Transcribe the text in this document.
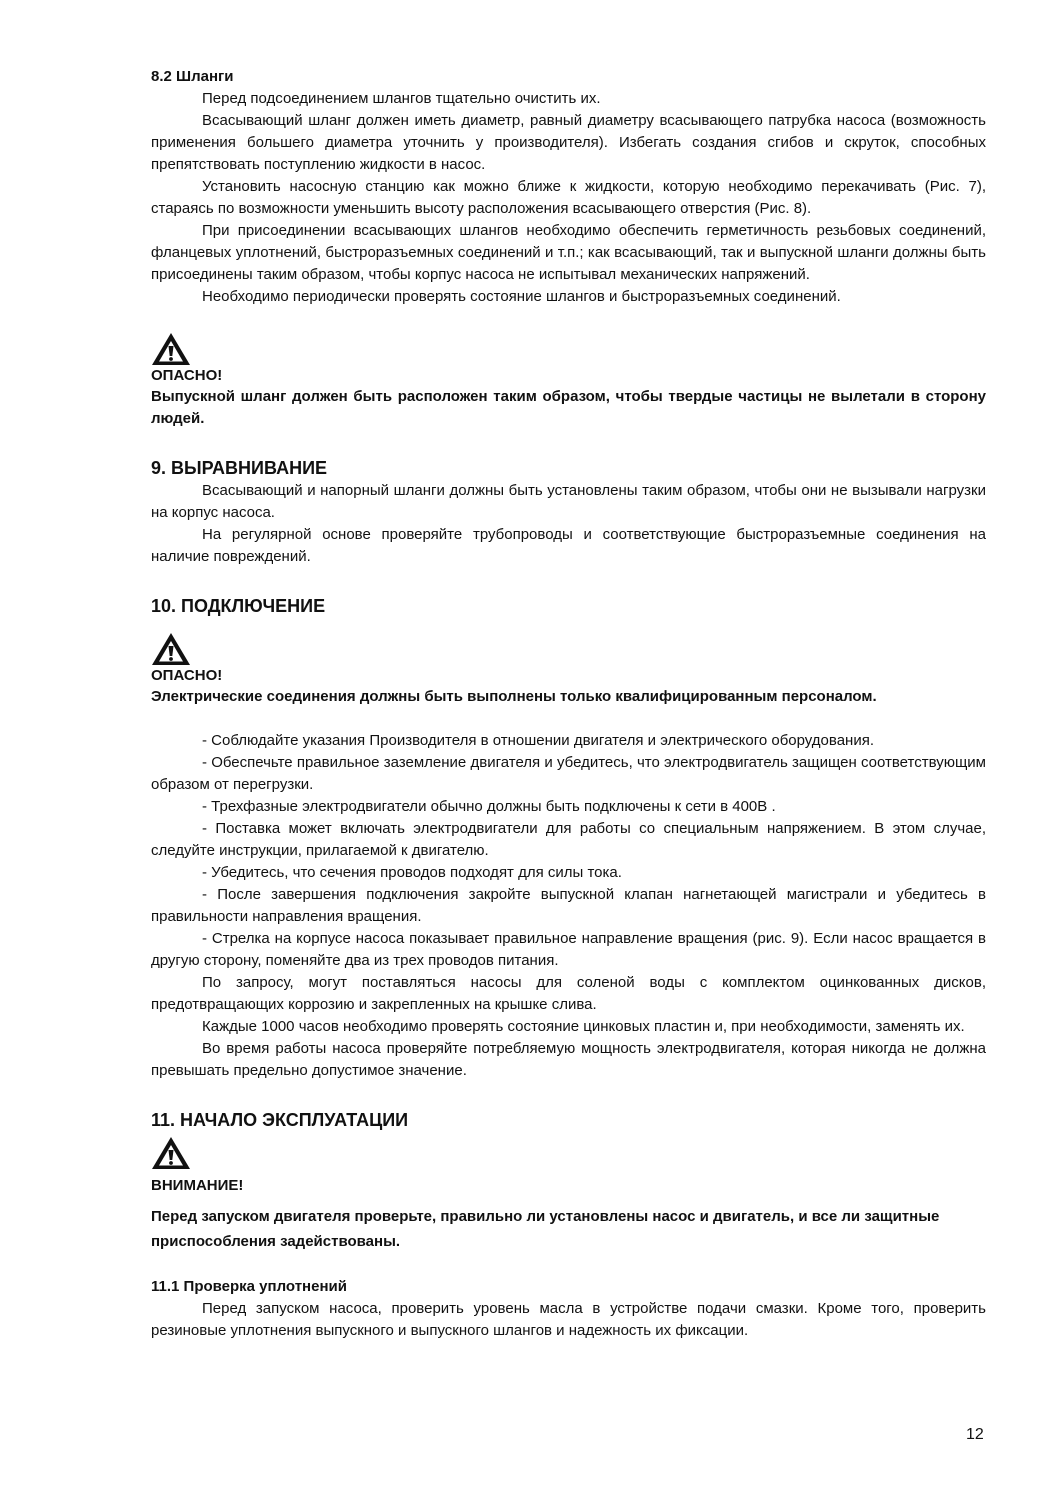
8.2 Шланги

Перед подсоединением шлангов тщательно очистить их.

Всасывающий шланг должен иметь диаметр, равный диаметру всасывающего патрубка насоса (возможность применения большего диаметра уточнить у производителя). Избегать создания сгибов и скруток, способных препятствовать поступлению жидкости в насос.

Установить насосную станцию как можно ближе к жидкости, которую необходимо перекачивать (Рис. 7), стараясь по возможности уменьшить высоту расположения всасывающего отверстия (Рис. 8).

При присоединении всасывающих шлангов необходимо обеспечить герметичность резьбовых соединений, фланцевых уплотнений, быстроразъемных соединений и т.п.; как всасывающий, так и выпускной шланги должны быть присоединены таким образом, чтобы корпус насоса не испытывал механических напряжений.

Необходимо периодически проверять состояние шлангов и быстроразъемных соединений.

ОПАСНО!

Выпускной шланг должен быть расположен таким образом, чтобы твердые частицы не вылетали в сторону людей.

9. ВЫРАВНИВАНИЕ

Всасывающий и напорный шланги должны быть установлены таким образом, чтобы они не вызывали нагрузки на корпус насоса.

На регулярной основе проверяйте трубопроводы и соответствующие быстроразъемные соединения на наличие повреждений.

10. ПОДКЛЮЧЕНИЕ

ОПАСНО!

Электрические соединения должны быть выполнены только квалифицированным персоналом.

- Соблюдайте указания Производителя в отношении двигателя и электрического оборудования.

- Обеспечьте правильное заземление двигателя и убедитесь, что электродвигатель защищен соответствующим образом от перегрузки.

- Трехфазные электродвигатели обычно должны быть подключены к сети в 400В .

- Поставка может включать электродвигатели для работы со специальным напряжением. В этом случае, следуйте инструкции, прилагаемой к двигателю.

- Убедитесь, что сечения проводов подходят для силы тока.

- После завершения подключения закройте выпускной клапан нагнетающей магистрали и убедитесь в правильности направления вращения.

- Стрелка на корпусе насоса показывает правильное направление вращения (рис. 9). Если насос вращается в другую сторону, поменяйте два из трех проводов питания.

По запросу, могут поставляться насосы для соленой воды с комплектом оцинкованных дисков, предотвращающих коррозию и закрепленных на крышке слива.

Каждые 1000 часов необходимо проверять состояние цинковых пластин и, при необходимости, заменять их.

Во время работы насоса проверяйте потребляемую мощность электродвигателя, которая никогда не должна превышать предельно допустимое значение.

11. НАЧАЛО ЭКСПЛУАТАЦИИ

ВНИМАНИЕ!

Перед запуском двигателя проверьте, правильно ли установлены насос и двигатель, и все ли защитные приспособления задействованы.

11.1 Проверка уплотнений

Перед запуском насоса, проверить уровень масла в устройстве подачи смазки. Кроме того, проверить резиновые уплотнения выпускного и выпускного шлангов и надежность их фиксации.

12
